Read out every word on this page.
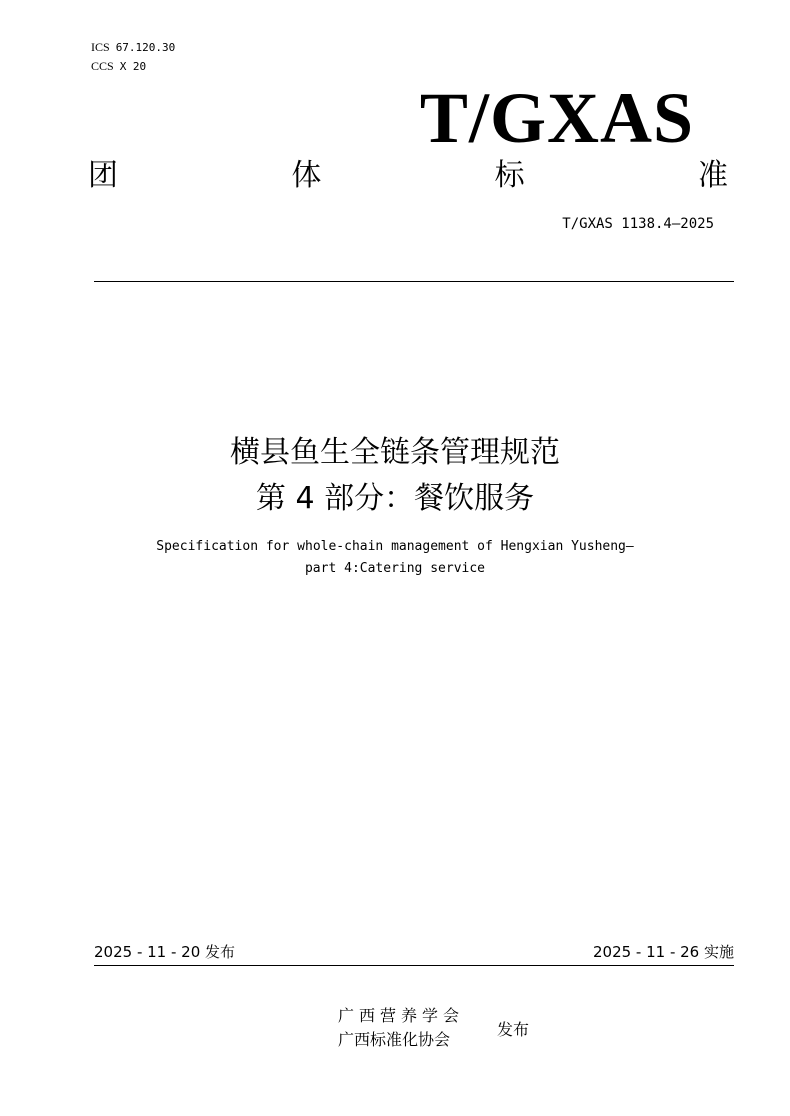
ICS 67.120.30
CCS X 20
T/GXAS
团	体	标	准
T/GXAS 1138.4—2025
横县鱼生全链条管理规范
第 4 部分：餐饮服务
Specification for whole-chain management of Hengxian Yusheng—
part 4:Catering service
2025 - 11 - 20 发布	2025 - 11 - 26 实施
广西营养学会
广西标准化协会
发布
